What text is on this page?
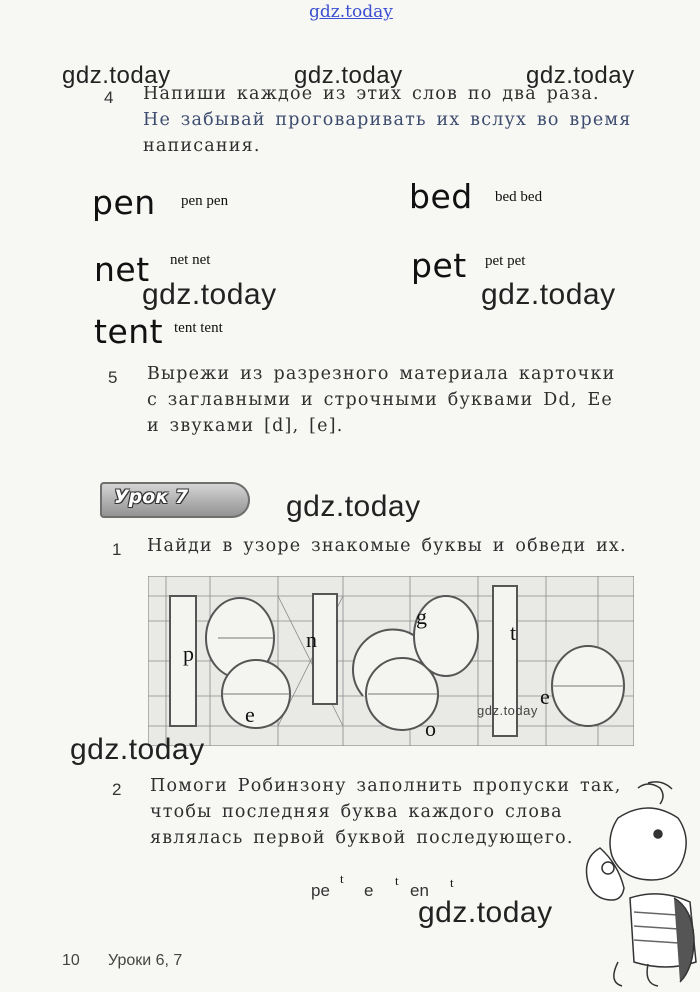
gdz.today
gdz.today	gdz.today	gdz.today
4 Напиши каждое из этих слов по два раза.
Не забывай проговаривать их вслух во время
написания.
pen pen pen	bed bed bed
net net net	pet pet pet
gdz.today	gdz.today
tent tent tent
5 Вырежи из разрезного материала карточки
с заглавными и строчными буквами Dd, Ee
и звуками [d], [e].
Урок 7	gdz.today
1 Найди в узоре знакомые буквы и обведи их.
p
n
g
t
e
o
e
gdz.today
gdz.today
2 Помоги Робинзону заполнить пропуски так,
чтобы последняя буква каждого слова
являлась первой буквой последующего.
pe
t
e
t
en t
gdz.today
10 Уроки 6, 7
